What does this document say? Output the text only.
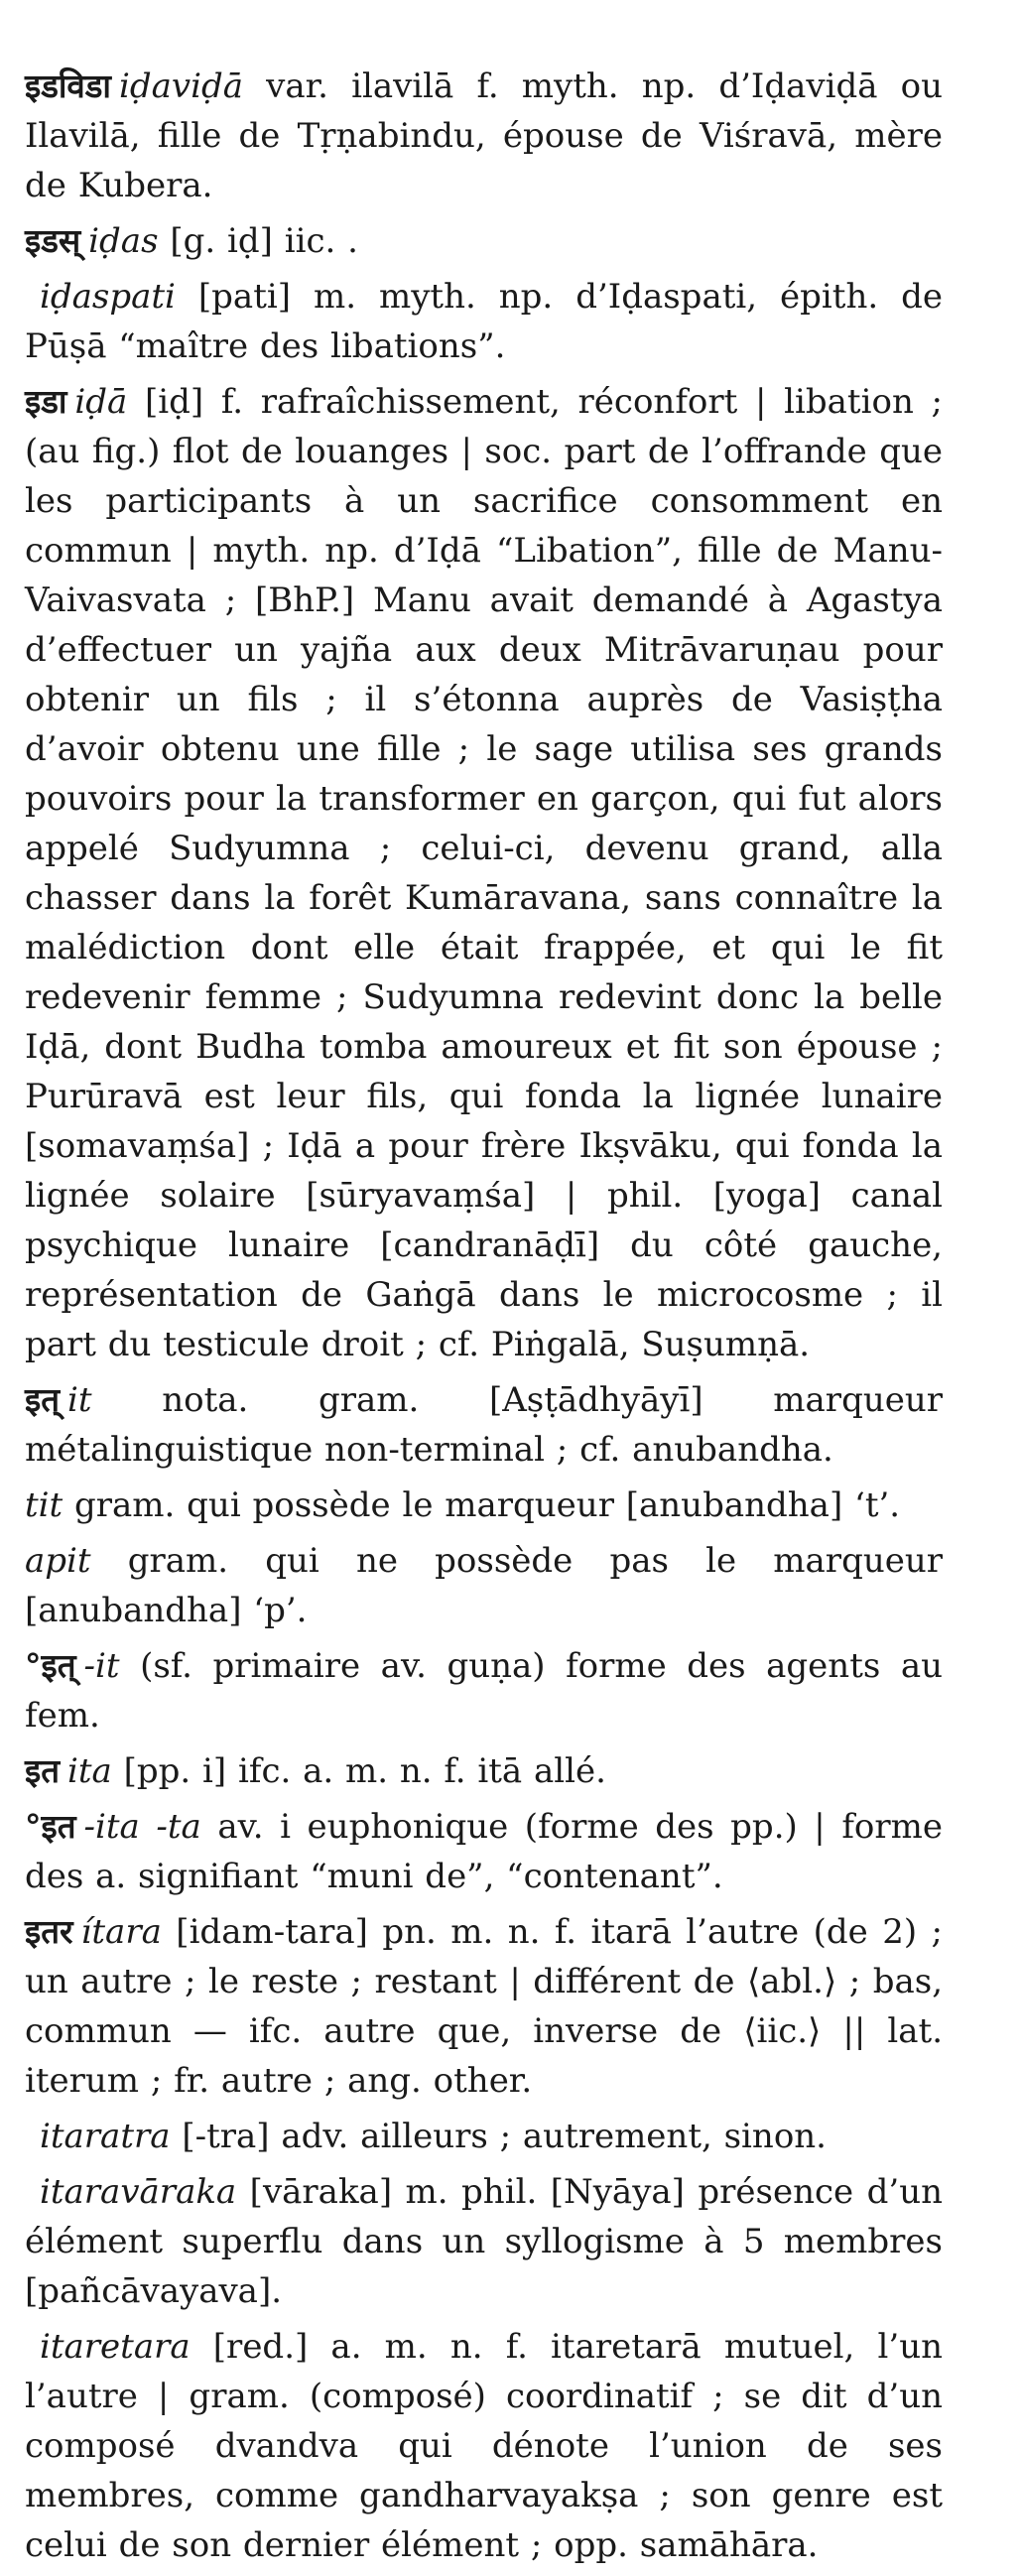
इडविडा iḍaviḍā var. ilavilā f. myth. np. d’Iḍaviḍā ou Ilavilā, fille de Tṛṇabindu, épouse de Viśravā, mère de Kubera.

इडस् iḍas [g. iḍ] iic. .

iḍaspati [pati] m. myth. np. d’Iḍaspati, épith. de Pūṣā “maître des libations”.

इडा iḍā [iḍ] f. rafraîchissement, réconfort | libation ; (au fig.) flot de louanges | soc. part de l’offrande que les participants à un sacrifice consomment en commun | myth. np. d’Iḍā “Libation”, fille de Manu-Vaivasvata ; [BhP.] Manu avait demandé à Agastya d’effectuer un yajña aux deux Mitrāvaruṇau pour obtenir un fils ; il s’étonna auprès de Vasiṣṭha d’avoir obtenu une fille ; le sage utilisa ses grands pouvoirs pour la transformer en garçon, qui fut alors appelé Sudyumna ; celui-ci, devenu grand, alla chasser dans la forêt Kumāravana, sans connaître la malédiction dont elle était frappée, et qui le fit redevenir femme ; Sudyumna redevint donc la belle Iḍā, dont Budha tomba amoureux et fit son épouse ; Purūravā est leur fils, qui fonda la lignée lunaire [somavaṃśa] ; Iḍā a pour frère Ikṣvāku, qui fonda la lignée solaire [sūryavaṃśa] | phil. [yoga] canal psychique lunaire [candranāḍī] du côté gauche, représentation de Gaṅgā dans le microcosme ; il part du testicule droit ; cf. Piṅgalā, Suṣumṇā.

इत् it nota. gram. [Aṣṭādhyāyī] marqueur métalinguistique non-terminal ; cf. anubandha.

tit gram. qui possède le marqueur [anubandha] ‘t’.

apit gram. qui ne possède pas le marqueur [anubandha] ‘p’.

°इत् -it (sf. primaire av. guṇa) forme des agents au fem.

इत ita [pp. i] ifc. a. m. n. f. itā allé.

°इत -ita -ta av. i euphonique (forme des pp.) | forme des a. signifiant “muni de”, “contenant”.

इतर ítara [idam-tara] pn. m. n. f. itarā l’autre (de 2) ; un autre ; le reste ; restant | différent de ⟨abl.⟩ ; bas, commun — ifc. autre que, inverse de ⟨iic.⟩ || lat. iterum ; fr. autre ; ang. other.

itaratra [-tra] adv. ailleurs ; autrement, sinon.

itaravāraka [vāraka] m. phil. [Nyāya] présence d’un élément superflu dans un syllogisme à 5 membres [pañcāvayava].

itaretara [red.] a. m. n. f. itaretarā mutuel, l’un l’autre | gram. (composé) coordinatif ; se dit d’un composé dvandva qui dénote l’union de ses membres, comme gandharvayakṣa ; son genre est celui de son dernier élément ; opp. samāhāra.
